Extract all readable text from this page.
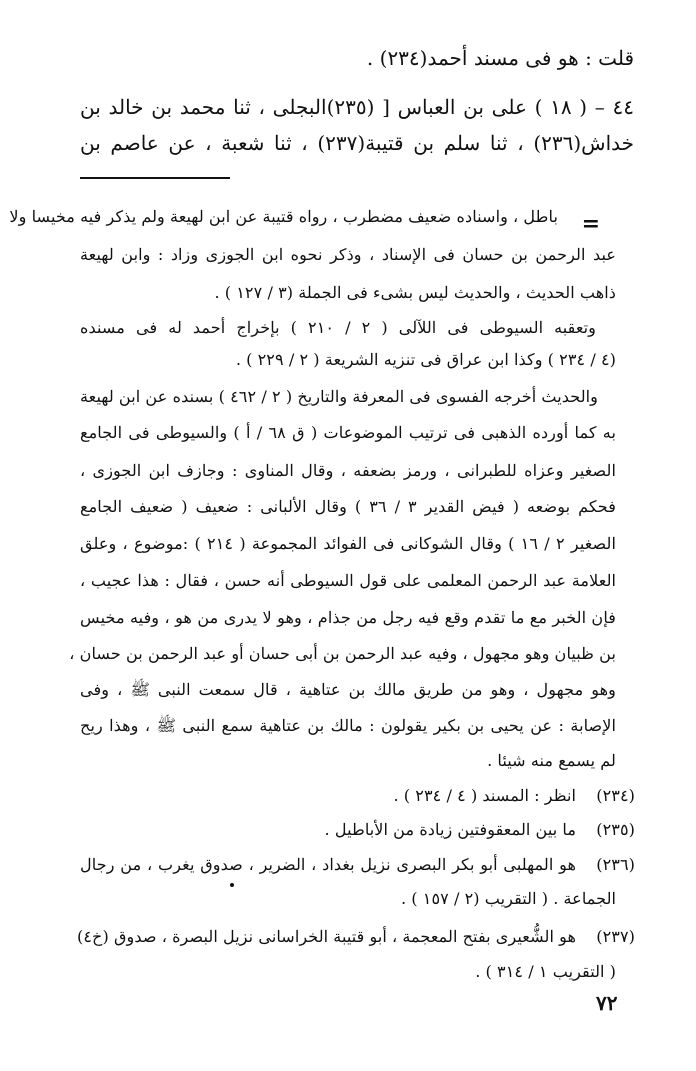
قلت : هو فى مسند أحمد(٢٣٤) .
٤٤ – ( ١٨ ) على بن العباس [ (٢٣٥)البجلى ، ثنا محمد بن خالد بن
خداش(٢٣٦) ، ثنا سلم بن قتيبة(٢٣٧) ، ثنا شعبة ، عن عاصم بن
=
باطل ، واسناده ضعيف مضطرب ، رواه قتيبة عن ابن لهيعة ولم يذكر فيه مخيسا ولا
عبد الرحمن بن حسان فى الإسناد ، وذكر نحوه ابن الجوزى وزاد : وابن لهيعة
ذاهب الحديث ، والحديث ليس بشىء فى الجملة (٣ / ١٢٧ ) .
وتعقبه السيوطى فى اللآلى ( ٢ / ٢١٠ ) بإخراج أحمد له فى مسنده
(٤ / ٢٣٤ ) وكذا ابن عراق فى تنزيه الشريعة ( ٢ / ٢٢٩ ) .
والحديث أخرجه الفسوى فى المعرفة والتاريخ ( ٢ / ٤٦٢ ) بسنده عن ابن لهيعة
به كما أورده الذهبى فى ترتيب الموضوعات ( ق ٦٨ / أ ) والسيوطى فى الجامع
الصغير وعزاه للطبرانى ، ورمز بضعفه ، وقال المناوى : وجازف ابن الجوزى ،
فحكم بوضعه ( فيض القدير ٣ / ٣٦ ) وقال الألبانى : ضعيف ( ضعيف الجامع
الصغير ٢ / ١٦ ) وقال الشوكانى فى الفوائد المجموعة ( ٢١٤ ) :موضوع ، وعلق
العلامة عبد الرحمن المعلمى على قول السيوطى أنه حسن ، فقال : هذا عجيب ،
فإن الخبر مع ما تقدم وقع فيه رجل من جذام ، وهو لا يدرى من هو ، وفيه مخيس
بن ظبيان وهو مجهول ، وفيه عبد الرحمن بن أبى حسان أو عبد الرحمن بن حسان ،
وهو مجهول ، وهو من طريق مالك بن عتاهية ، قال سمعت النبى ﷺ ، وفى
الإصابة : عن يحيى بن بكير يقولون : مالك بن عتاهية سمع النبى ﷺ ، وهذا ريح
لم يسمع منه شيئا .
(٢٣٤)
انظر : المسند ( ٤ / ٢٣٤ ) .
(٢٣٥)
ما بين المعقوفتين زيادة من الأباطيل .
(٢٣٦)
هو المهلبى أبو بكر البصرى نزيل بغداد ، الضرير ، صدوق يغرب ، من رجال
الجماعة . ( التقريب (٢ / ١٥٧ ) .
(٢٣٧)
هو الشُّعيرى بفتح المعجمة ، أبو قتيبة الخراسانى نزيل البصرة ، صدوق (خ٤)
( التقريب ١ / ٣١٤ ) .
٧٢
